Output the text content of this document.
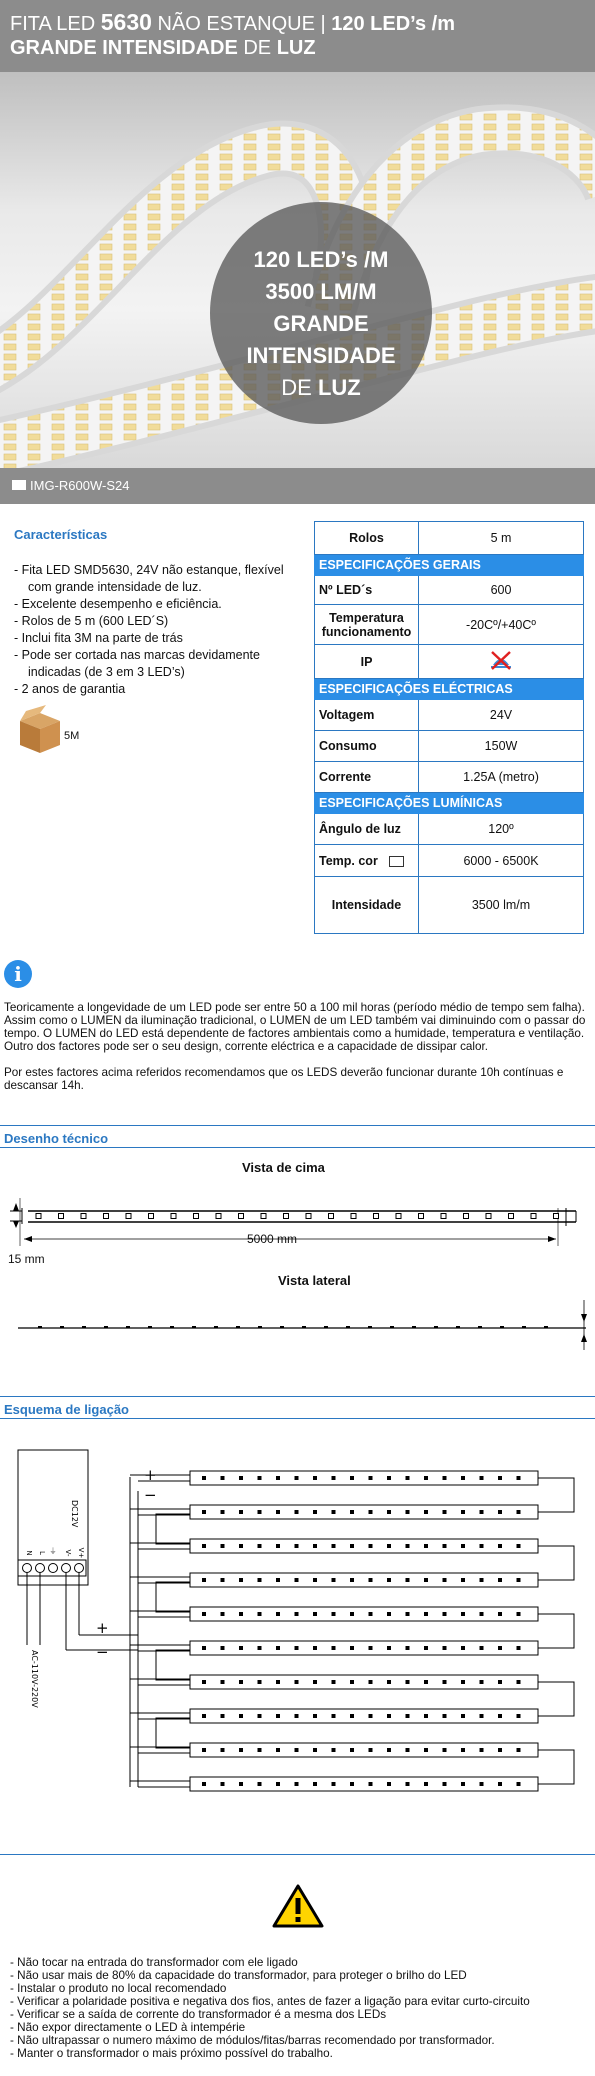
FITA LED 5630 NÃO ESTANQUE | 120 LED’s /m
GRANDE INTENSIDADE DE LUZ
120 LED’s /M
3500 LM/M
GRANDE
INTENSIDADE
DE LUZ
IMG-R600W-S24
Características
- Fita LED SMD5630, 24V não estanque, flexível com grande intensidade de luz.
- Excelente desempenho e eficiência.
- Rolos de 5 m (600 LED´S)
- Inclui fita 3M na parte de trás
- Pode ser cortada nas marcas devidamente indicadas (de 3 em 3 LED’s)
- 2 anos de garantia
5M
Rolos	5 m
ESPECIFICAÇÕES GERAIS	
Nº LED´s	600
Temperatura funcionamento	-20Cº/+40Cº
IP	
ESPECIFICAÇÕES ELÉCTRICAS	
Voltagem	24V
Consumo	150W
Corrente	1.25A (metro)
ESPECIFICAÇÕES LUMÍNICAS	
Ângulo de luz	120º
Temp. cor	6000 - 6500K
Intensidade	3500 lm/m
i

Teoricamente a longevidade de um LED pode ser entre 50 a 100 mil horas (período médio de tempo sem falha). Assim como o LUMEN da iluminação tradicional, o LUMEN de um LED também vai diminuindo com o passar do tempo. O LUMEN do LED está dependente de factores ambientais como a humidade, temperatura e ventilação. Outro dos factores pode ser o seu design, corrente eléctrica e a capacidade de dissipar calor.

Por estes factores acima referidos recomendamos que os LEDS deverão funcionar durante 10h contínuas e descansar 14h.

Desenho técnico
Vista de cima
Vista lateral
5000 mm
15 mm
Esquema de ligação
N L ⏚ V- V+
DC12V
AC-110V-220V
+
−
+
−
- Não tocar na entrada do transformador com ele ligado
- Não usar mais de 80% da capacidade do transformador, para proteger o brilho do LED
- Instalar o produto no local recomendado
- Verificar a polaridade positiva e negativa dos fios, antes de fazer a ligação para evitar curto-circuito
- Verificar se a saída de corrente do transformador é a mesma dos LEDs
- Não expor directamente o LED à intempérie
- Não ultrapassar o numero máximo de módulos/fitas/barras recomendado por transformador.
- Manter o transformador o mais próximo possível do trabalho.
